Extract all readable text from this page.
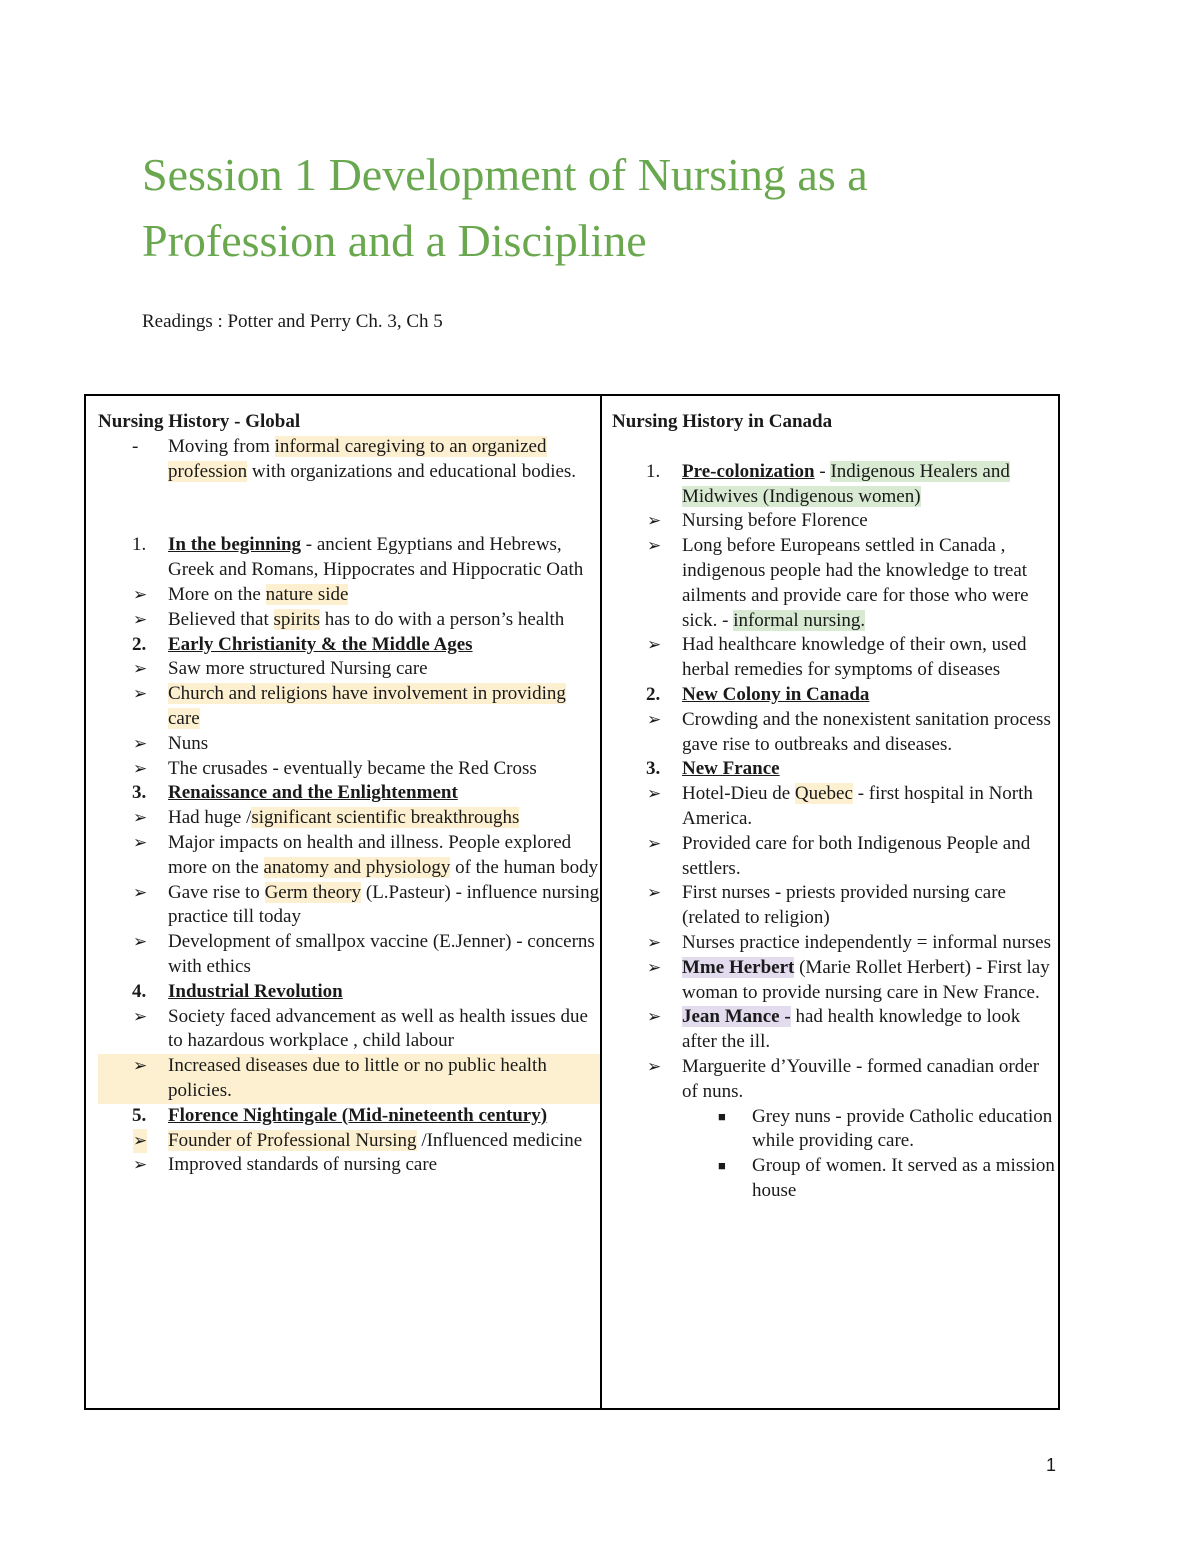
Session 1 Development of Nursing as a Profession and a Discipline

Readings : Potter and Perry Ch. 3, Ch 5

Nursing History - Global

- Moving from informal caregiving to an organized profession with organizations and educational bodies.
1.	In the beginning - ancient Egyptians and Hebrews, Greek and Romans, Hippocrates and Hippocratic Oath
➢ More on the nature side
➢ Believed that spirits has to do with a person’s health
2.	Early Christianity & the Middle Ages
➢ Saw more structured Nursing care
➢ Church and religions have involvement in providing care
➢ Nuns
➢ The crusades - eventually became the Red Cross
3.	Renaissance and the Enlightenment
➢ Had huge /significant scientific breakthroughs
➢ Major impacts on health and illness. People explored more on the anatomy and physiology of the human body
➢ Gave rise to Germ theory (L.Pasteur) - influence nursing practice till today
➢ Development of smallpox vaccine (E.Jenner) - concerns with ethics
4.	Industrial Revolution
➢ Society faced advancement as well as health issues due to hazardous workplace , child labour
➢ Increased diseases due to little or no public health policies.
5.	Florence Nightingale (Mid-nineteenth century)
➢ Founder of Professional Nursing /Influenced medicine
➢ Improved standards of nursing care

Nursing History in Canada

1.	Pre-colonization - Indigenous Healers and Midwives (Indigenous women)
➢ Nursing before Florence
➢ Long before Europeans settled in Canada , indigenous people had the knowledge to treat ailments and provide care for those who were sick. - informal nursing.
➢ Had healthcare knowledge of their own, used herbal remedies for symptoms of diseases
2.	New Colony in Canada
➢ Crowding and the nonexistent sanitation process gave rise to outbreaks and diseases.
3.	New France
➢ Hotel-Dieu de Quebec - first hospital in North America.
➢ Provided care for both Indigenous People and settlers.
➢ First nurses - priests provided nursing care (related to religion)
➢ Nurses practice independently = informal nurses
➢ Mme Herbert (Marie Rollet Herbert) - First lay woman to provide nursing care in New France.
➢ Jean Mance - had health knowledge to look after the ill.
➢ Marguerite d’Youville - formed canadian order of nuns.
■ Grey nuns - provide Catholic education while providing care.
■ Group of women. It served as a mission house
1
